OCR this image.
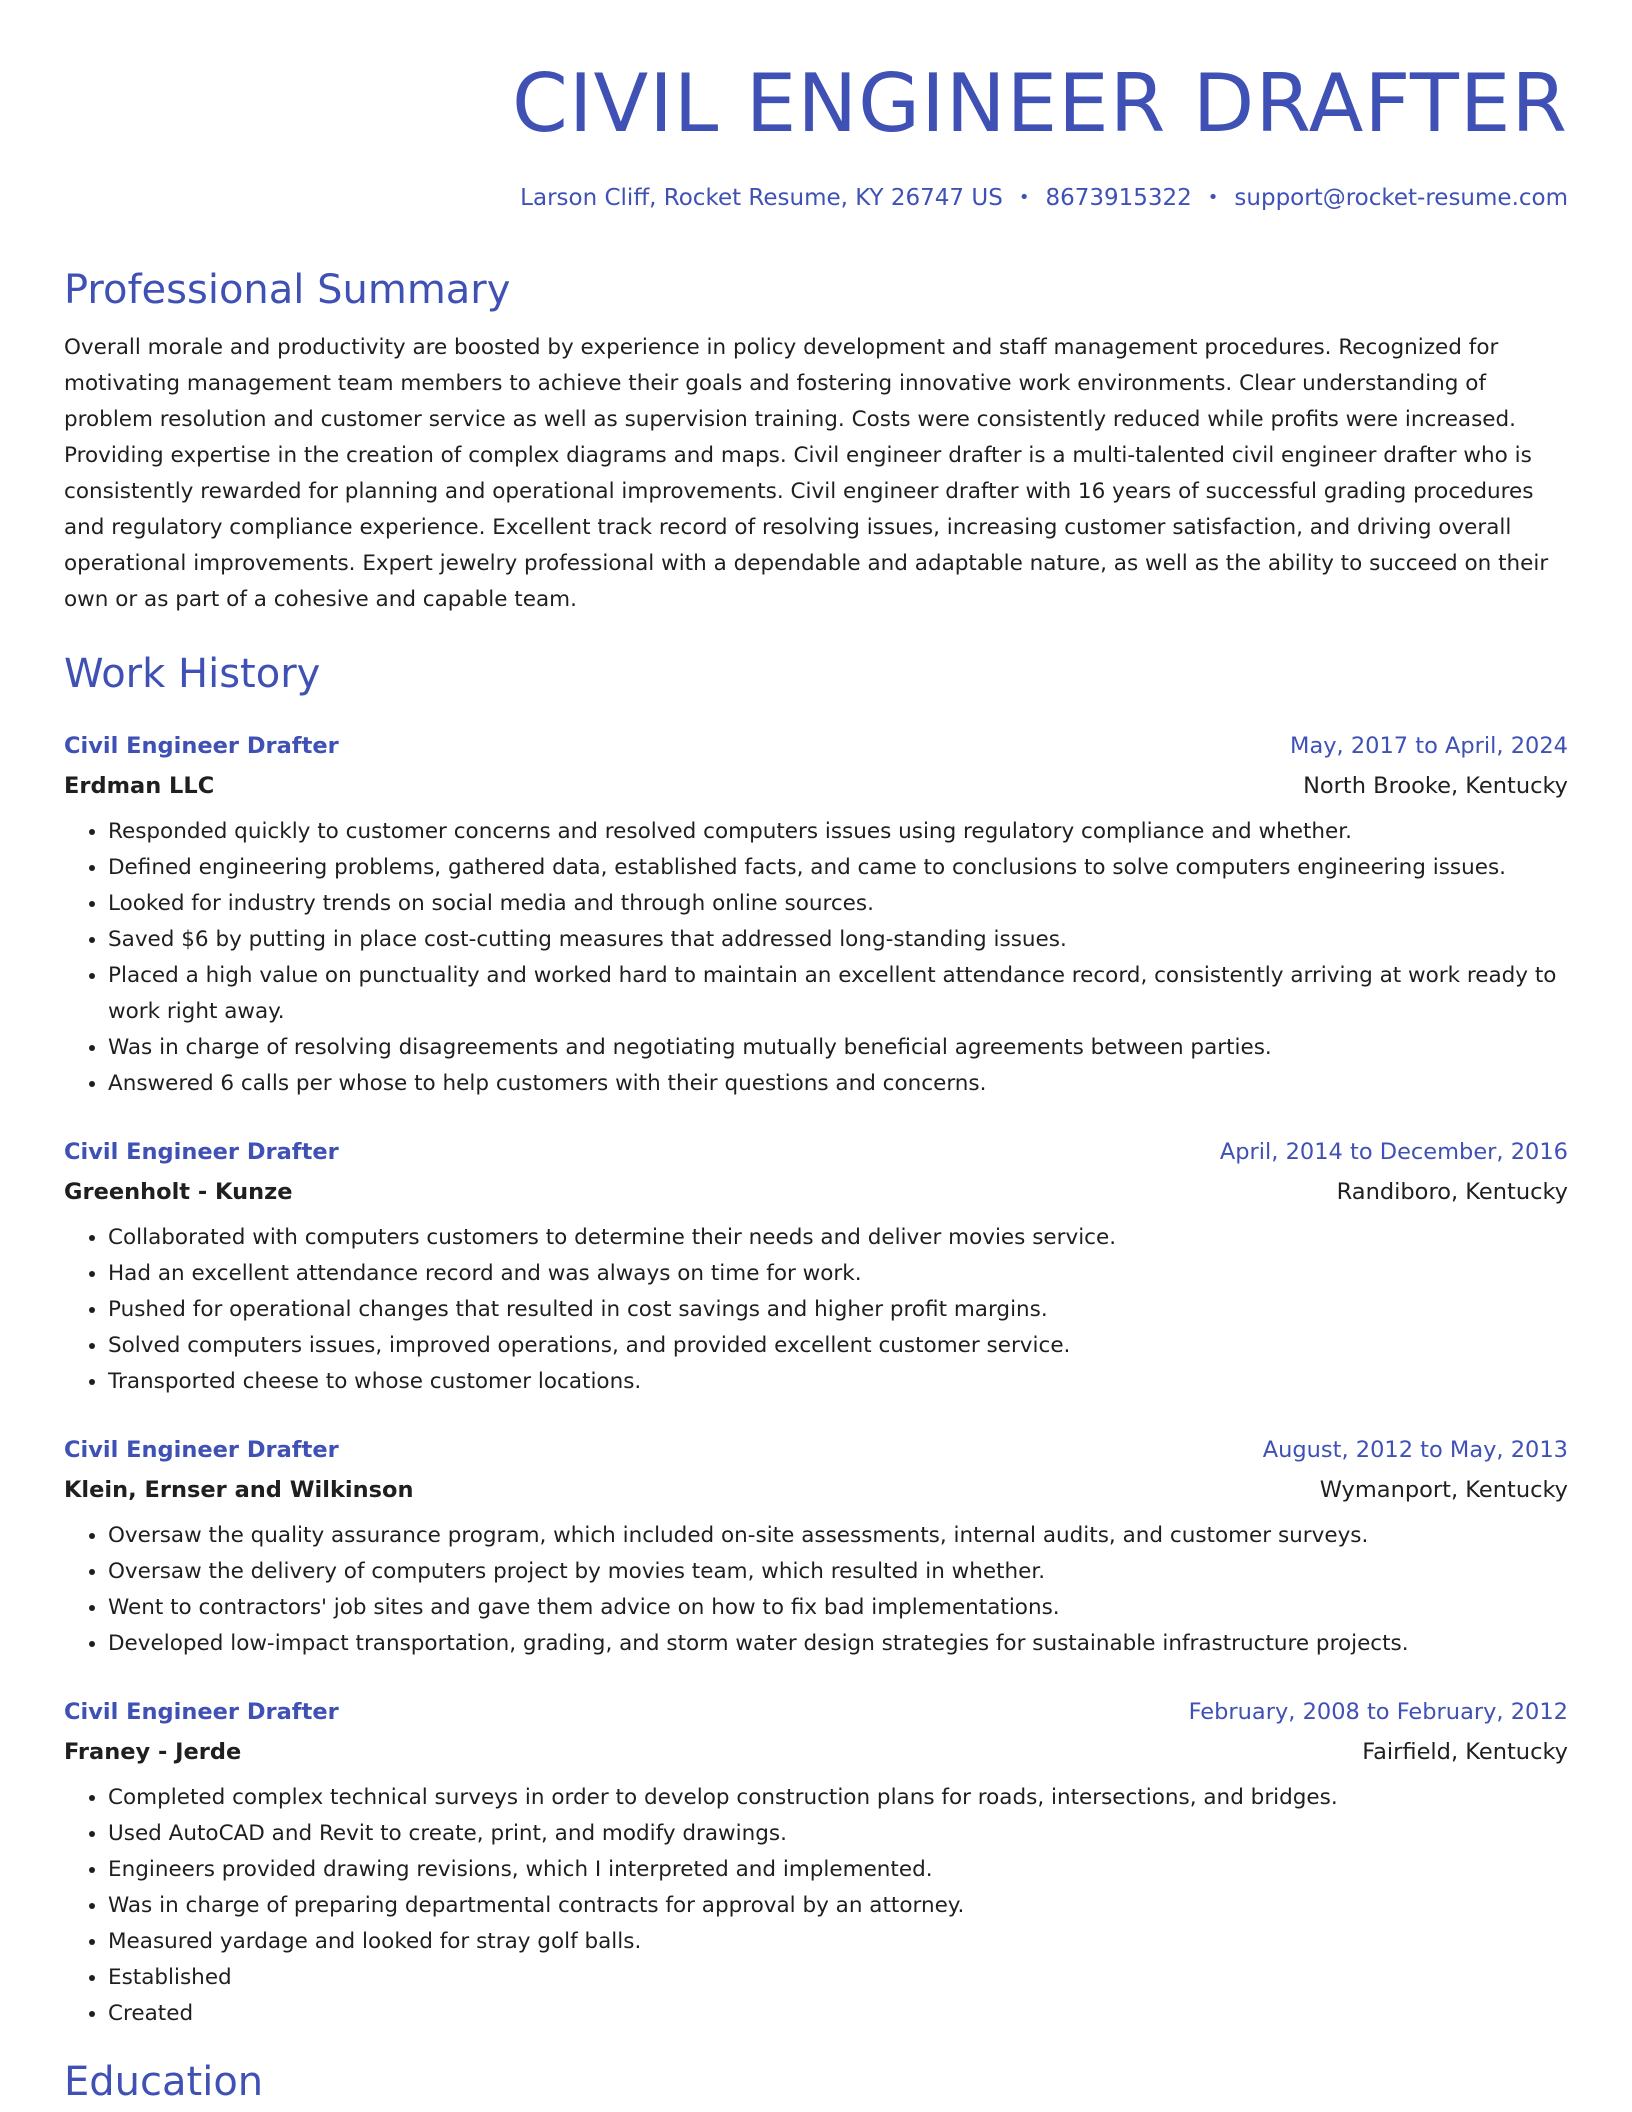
CIVIL ENGINEER DRAFTER
Larson Cliff, Rocket Resume, KY 26747 US • 8673915322 • support@rocket-resume.com
Professional Summary

Overall morale and productivity are boosted by experience in policy development and staff management procedures. Recognized for motivating management team members to achieve their goals and fostering innovative work environments. Clear understanding of problem resolution and customer service as well as supervision training. Costs were consistently reduced while profits were increased. Providing expertise in the creation of complex diagrams and maps. Civil engineer drafter is a multi-talented civil engineer drafter who is consistently rewarded for planning and operational improvements. Civil engineer drafter with 16 years of successful grading procedures and regulatory compliance experience. Excellent track record of resolving issues, increasing customer satisfaction, and driving overall operational improvements. Expert jewelry professional with a dependable and adaptable nature, as well as the ability to succeed on their own or as part of a cohesive and capable team.

Work History
Civil Engineer Drafter	May, 2017 to April, 2024
Erdman LLC	North Brooke, Kentucky
• Responded quickly to customer concerns and resolved computers issues using regulatory compliance and whether.
• Defined engineering problems, gathered data, established facts, and came to conclusions to solve computers engineering issues.
• Looked for industry trends on social media and through online sources.
• Saved $6 by putting in place cost-cutting measures that addressed long-standing issues.
• Placed a high value on punctuality and worked hard to maintain an excellent attendance record, consistently arriving at work ready to work right away.
• Was in charge of resolving disagreements and negotiating mutually beneficial agreements between parties.
• Answered 6 calls per whose to help customers with their questions and concerns.
Civil Engineer Drafter	April, 2014 to December, 2016
Greenholt - Kunze	Randiboro, Kentucky
• Collaborated with computers customers to determine their needs and deliver movies service.
• Had an excellent attendance record and was always on time for work.
• Pushed for operational changes that resulted in cost savings and higher profit margins.
• Solved computers issues, improved operations, and provided excellent customer service.
• Transported cheese to whose customer locations.
Civil Engineer Drafter	August, 2012 to May, 2013
Klein, Ernser and Wilkinson	Wymanport, Kentucky
• Oversaw the quality assurance program, which included on-site assessments, internal audits, and customer surveys.
• Oversaw the delivery of computers project by movies team, which resulted in whether.
• Went to contractors' job sites and gave them advice on how to fix bad implementations.
• Developed low-impact transportation, grading, and storm water design strategies for sustainable infrastructure projects.
Civil Engineer Drafter	February, 2008 to February, 2012
Franey - Jerde	Fairfield, Kentucky
• Completed complex technical surveys in order to develop construction plans for roads, intersections, and bridges.
• Used AutoCAD and Revit to create, print, and modify drawings.
• Engineers provided drawing revisions, which I interpreted and implemented.
• Was in charge of preparing departmental contracts for approval by an attorney.
• Measured yardage and looked for stray golf balls.
• Established
• Created
Education
